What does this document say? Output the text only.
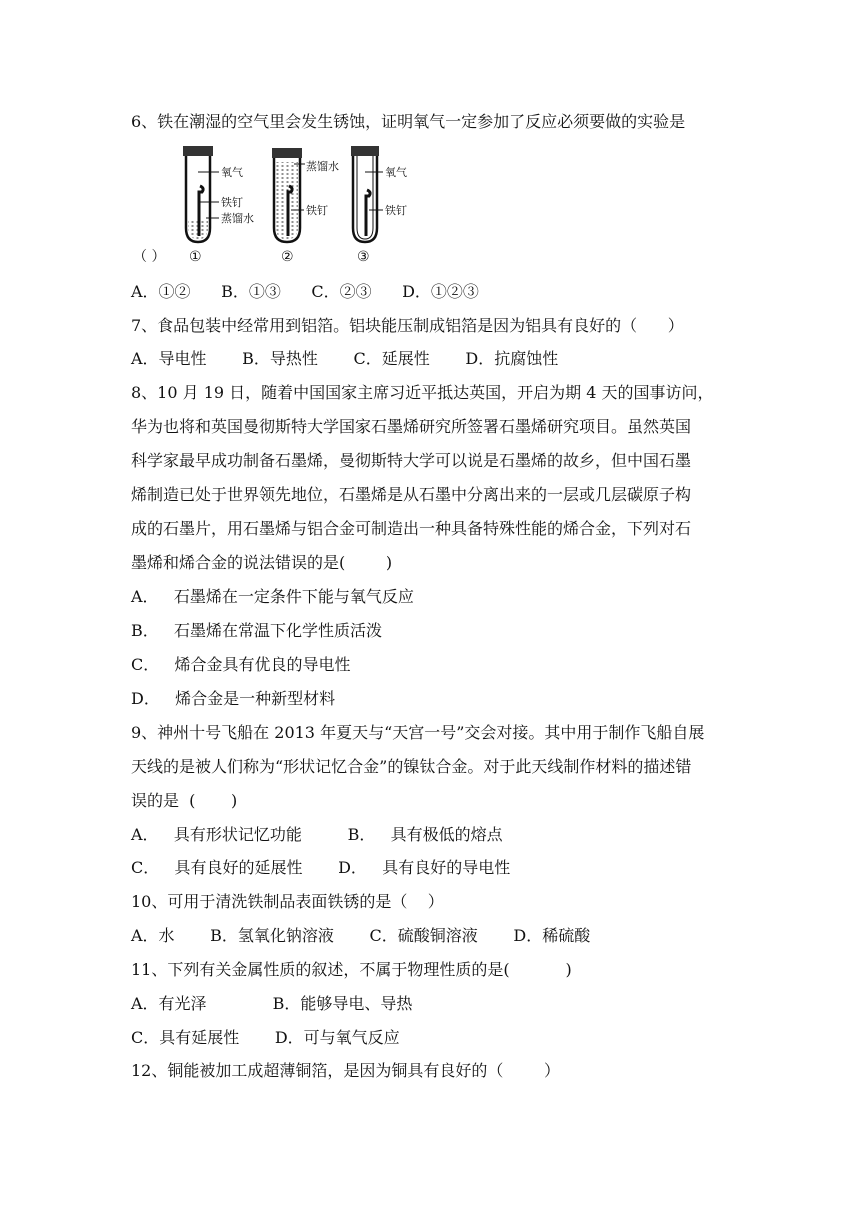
6、铁在潮湿的空气里会发生锈蚀，证明氧气一定参加了反应必须要做的实验是
氧气
铁钉
蒸馏水
蒸馏水
铁钉
氧气
铁钉
（ ） ①	②	③
A．①②      B．①③      C．②③      D．①②③
7、食品包装中经常用到铝箔。铝块能压制成铝箔是因为铝具有良好的（      ）
A．导电性       B．导热性       C．延展性       D．抗腐蚀性
8、10 月 19 日，随着中国国家主席习近平抵达英国，开启为期 4 天的国事访问，
华为也将和英国曼彻斯特大学国家石墨烯研究所签署石墨烯研究项目。虽然英国
科学家最早成功制备石墨烯，曼彻斯特大学可以说是石墨烯的故乡，但中国石墨
烯制造已处于世界领先地位，石墨烯是从石墨中分离出来的一层或几层碳原子构
成的石墨片，用石墨烯与铝合金可制造出一种具备特殊性能的烯合金，下列对石
墨烯和烯合金的说法错误的是(        )
A．   石墨烯在一定条件下能与氧气反应
B．   石墨烯在常温下化学性质活泼
C．   烯合金具有优良的导电性
D．   烯合金是一种新型材料
9、神州十号飞船在 2013 年夏天与“天宫一号”交会对接。其中用于制作飞船自展
天线的是被人们称为“形状记忆合金”的镍钛合金。对于此天线制作材料的描述错
误的是  (       )
A．   具有形状记忆功能         B．   具有极低的熔点
C．   具有良好的延展性       D．   具有良好的导电性
10、可用于清洗铁制品表面铁锈的是（    ）
A．水       B．氢氧化钠溶液       C．硫酸铜溶液       D．稀硫酸
11、下列有关金属性质的叙述，不属于物理性质的是(           )
A．有光泽             B．能够导电、导热
C．具有延展性       D．可与氧气反应
12、铜能被加工成超薄铜箔，是因为铜具有良好的（        ）
